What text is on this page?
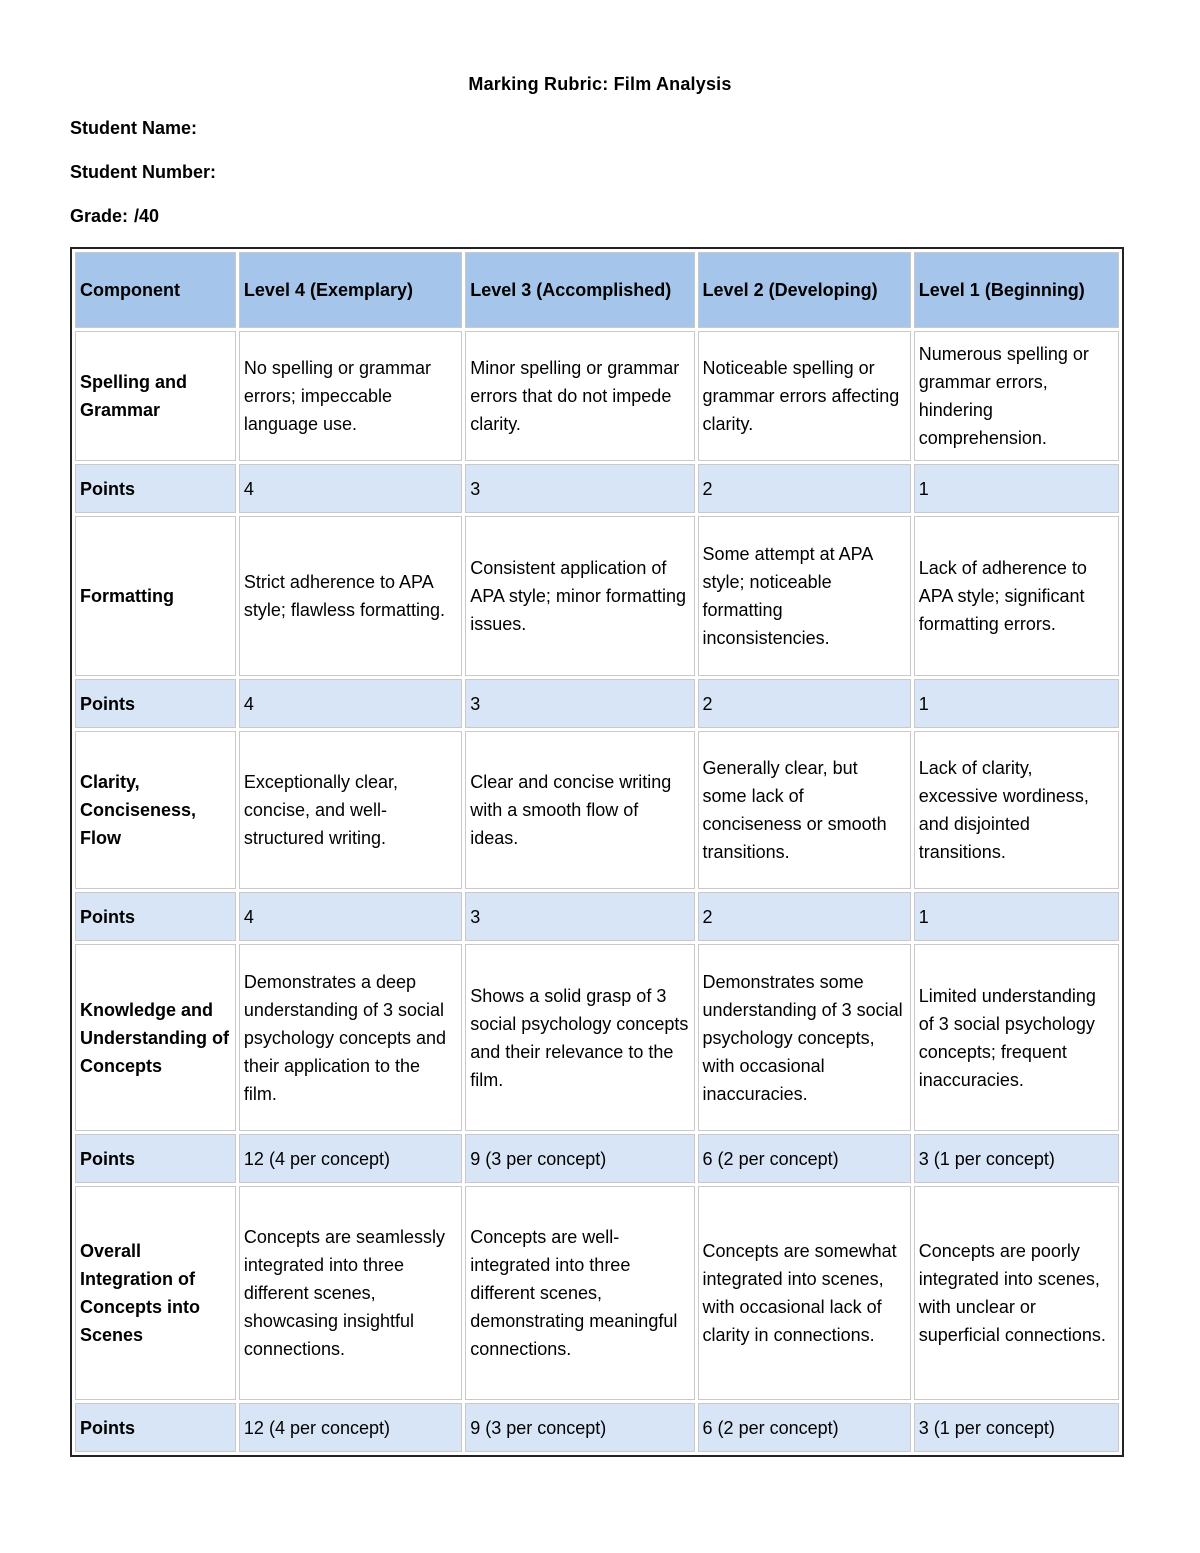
Marking Rubric: Film Analysis
Student Name:
Student Number:
Grade: /40
Component	Level 4 (Exemplary)	Level 3 (Accomplished)	Level 2 (Developing)	Level 1 (Beginning)
Spelling and Grammar	No spelling or grammar errors; impeccable language use.	Minor spelling or grammar errors that do not impede clarity.	Noticeable spelling or grammar errors affecting clarity.	Numerous spelling or grammar errors, hindering comprehension.
Points	4	3	2	1
Formatting	Strict adherence to APA style; flawless formatting.	Consistent application of APA style; minor formatting issues.	Some attempt at APA style; noticeable formatting inconsistencies.	Lack of adherence to APA style; significant formatting errors.
Points	4	3	2	1
Clarity, Conciseness, Flow	Exceptionally clear, concise, and well-structured writing.	Clear and concise writing with a smooth flow of ideas.	Generally clear, but some lack of conciseness or smooth transitions.	Lack of clarity, excessive wordiness, and disjointed transitions.
Points	4	3	2	1
Knowledge and Understanding of Concepts	Demonstrates a deep understanding of 3 social psychology concepts and their application to the film.	Shows a solid grasp of 3 social psychology concepts and their relevance to the film.	Demonstrates some understanding of 3 social psychology concepts, with occasional inaccuracies.	Limited understanding of 3 social psychology concepts; frequent inaccuracies.
Points	12 (4 per concept)	9 (3 per concept)	6 (2 per concept)	3 (1 per concept)
Overall Integration of Concepts into Scenes	Concepts are seamlessly integrated into three different scenes, showcasing insightful connections.	Concepts are well-integrated into three different scenes, demonstrating meaningful connections.	Concepts are somewhat integrated into scenes, with occasional lack of clarity in connections.	Concepts are poorly integrated into scenes, with unclear or superficial connections.
Points	12 (4 per concept)	9 (3 per concept)	6 (2 per concept)	3 (1 per concept)
